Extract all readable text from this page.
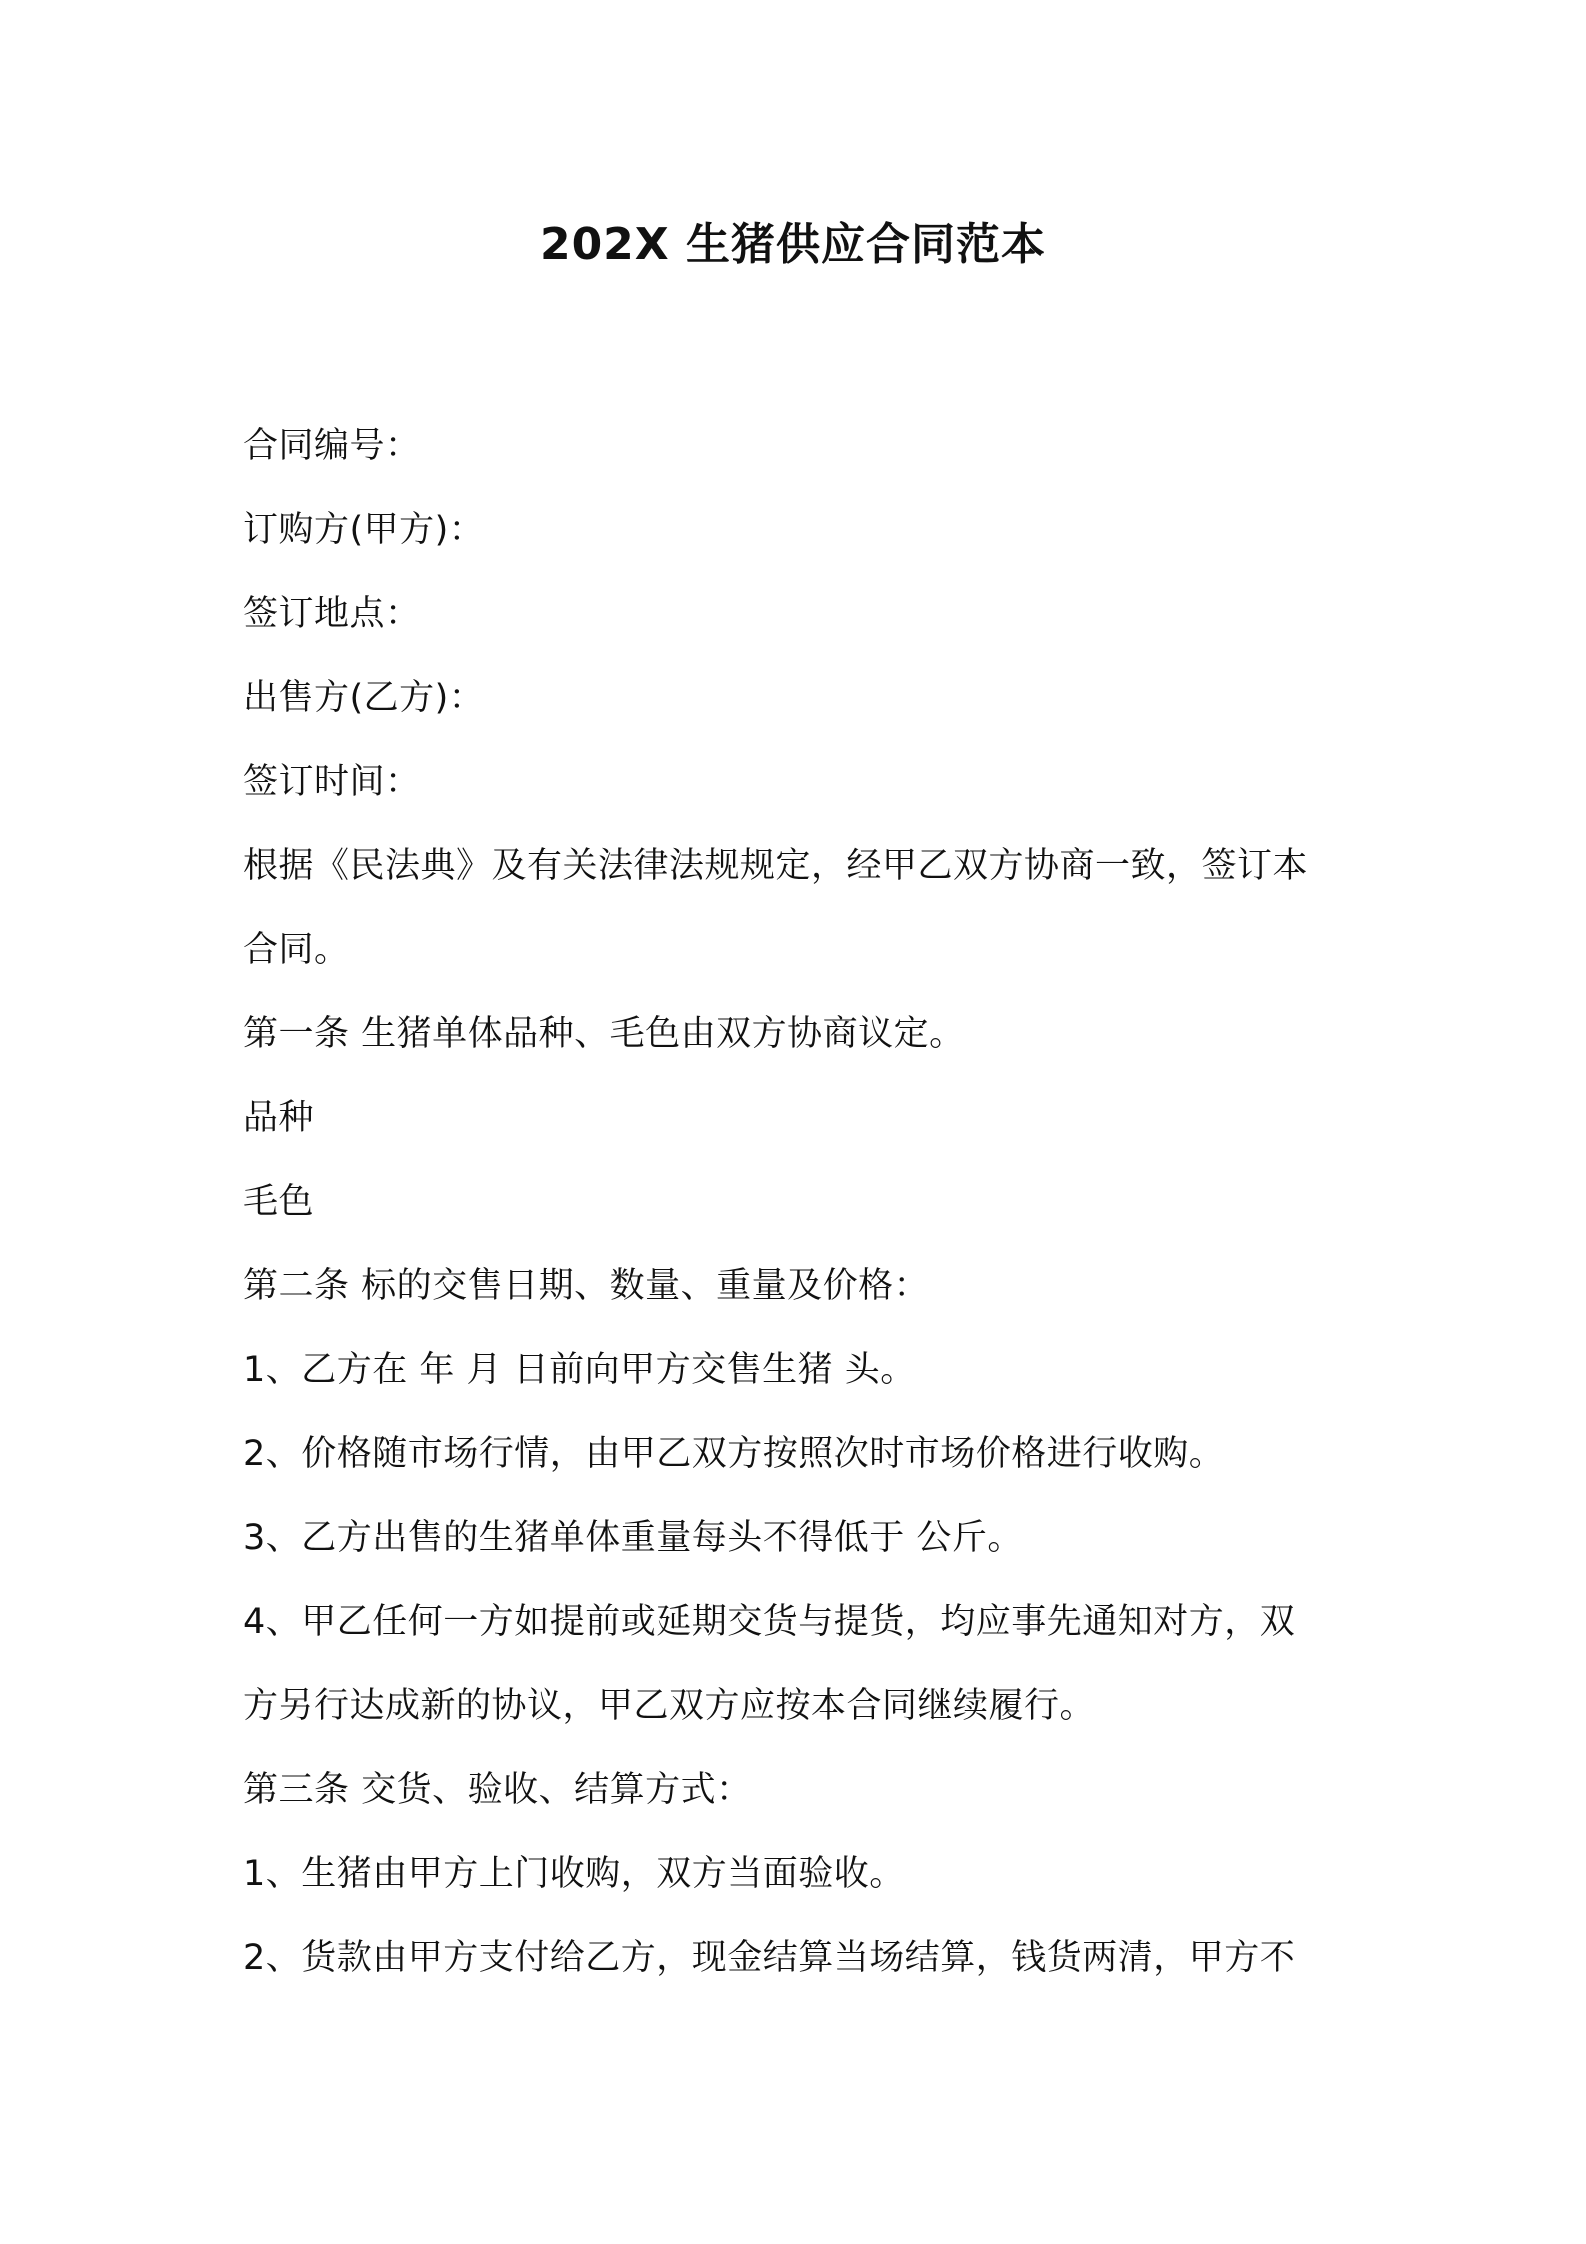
202X 生猪供应合同范本
合同编号：
订购方(甲方)：
签订地点：
出售方(乙方)：
签订时间：
根据《民法典》及有关法律法规规定，经甲乙双方协商一致，签订本
合同。
第一条 生猪单体品种、毛色由双方协商议定。
品种
毛色
第二条 标的交售日期、数量、重量及价格：
1、乙方在 年 月 日前向甲方交售生猪 头。
2、价格随市场行情，由甲乙双方按照次时市场价格进行收购。
3、乙方出售的生猪单体重量每头不得低于 公斤。
4、甲乙任何一方如提前或延期交货与提货，均应事先通知对方，双
方另行达成新的协议，甲乙双方应按本合同继续履行。
第三条 交货、验收、结算方式：
1、生猪由甲方上门收购，双方当面验收。
2、货款由甲方支付给乙方，现金结算当场结算，钱货两清，甲方不
